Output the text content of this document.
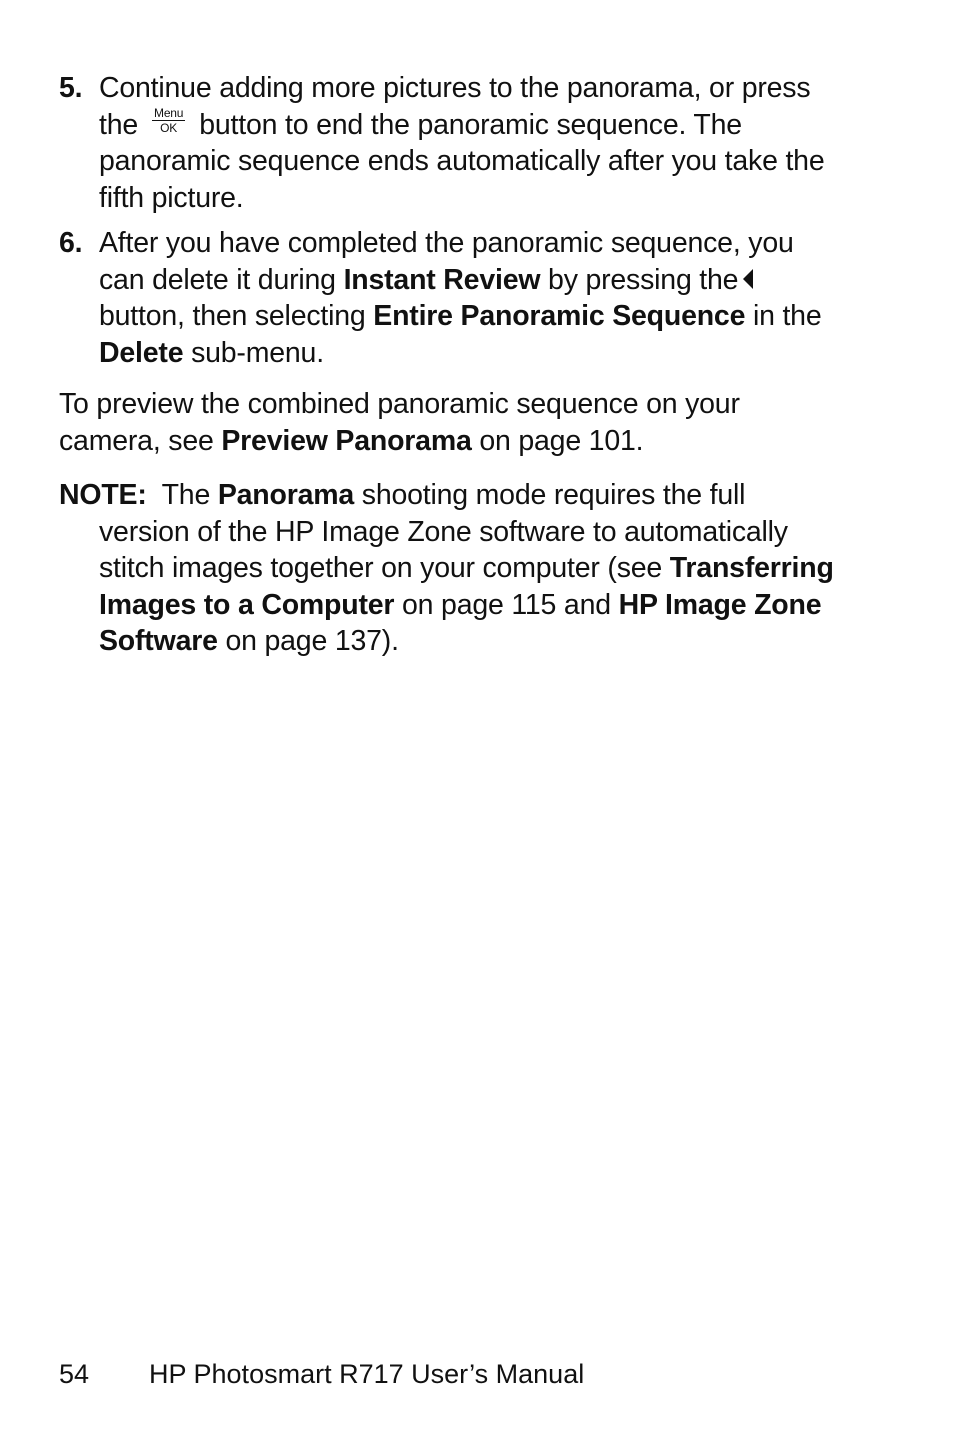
5. Continue adding more pictures to the panorama, or press the Menu
OK button to end the panoramic sequence. The panoramic sequence ends automatically after you take the fifth picture.
6. After you have completed the panoramic sequence, you can delete it during Instant Review by pressing the button, then selecting Entire Panoramic Sequence in the Delete sub-menu.

To preview the combined panoramic sequence on your camera, see Preview Panorama on page 101.

NOTE: The Panorama shooting mode requires the full version of the HP Image Zone software to automatically stitch images together on your computer (see Transferring Images to a Computer on page 115 and HP Image Zone Software on page 137).

54 HP Photosmart R717 User’s Manual
